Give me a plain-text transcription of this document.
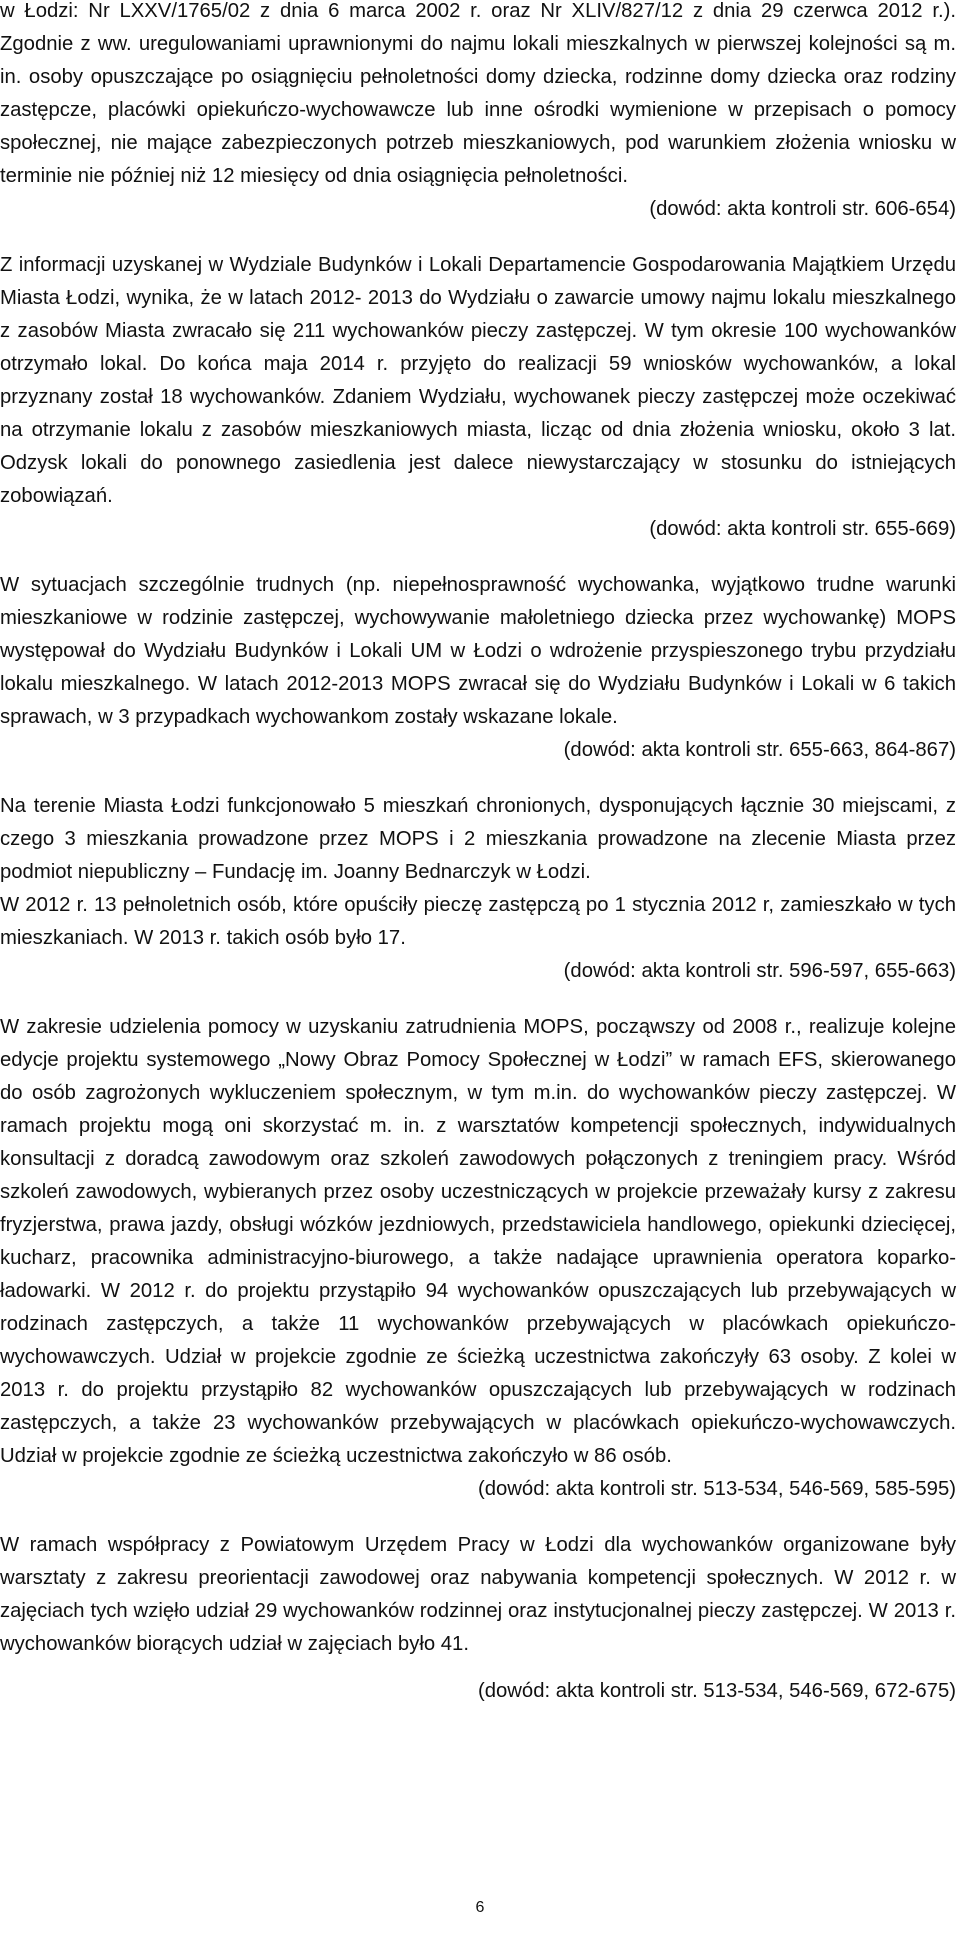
w Łodzi: Nr LXXV/1765/02 z dnia 6 marca 2002 r. oraz Nr XLIV/827/12 z dnia 29 czerwca 2012 r.). Zgodnie z ww. uregulowaniami uprawnionymi do najmu lokali mieszkalnych w pierwszej kolejności są m. in. osoby opuszczające po osiągnięciu pełnoletności domy dziecka, rodzinne domy dziecka oraz rodziny zastępcze, placówki opiekuńczo-wychowawcze lub inne ośrodki wymienione w przepisach o pomocy społecznej, nie mające zabezpieczonych potrzeb mieszkaniowych, pod warunkiem złożenia wniosku w terminie nie później niż 12 miesięcy od dnia osiągnięcia pełnoletności.

(dowód: akta kontroli str. 606-654)

Z informacji uzyskanej w Wydziale Budynków i Lokali Departamencie Gospodarowania Majątkiem Urzędu Miasta Łodzi, wynika, że w latach 2012- 2013 do Wydziału o zawarcie umowy najmu lokalu mieszkalnego z zasobów Miasta zwracało się 211 wychowanków pieczy zastępczej. W tym okresie 100 wychowanków otrzymało lokal. Do końca maja 2014 r. przyjęto do realizacji 59 wniosków wychowanków, a lokal przyznany został 18 wychowanków. Zdaniem Wydziału, wychowanek pieczy zastępczej może oczekiwać na otrzymanie lokalu z zasobów mieszkaniowych miasta, licząc od dnia złożenia wniosku, około 3 lat. Odzysk lokali do ponownego zasiedlenia jest dalece niewystarczający w stosunku do istniejących zobowiązań.

(dowód: akta kontroli str. 655-669)

W sytuacjach szczególnie trudnych (np. niepełnosprawność wychowanka, wyjątkowo trudne warunki mieszkaniowe w rodzinie zastępczej, wychowywanie małoletniego dziecka przez wychowankę) MOPS występował do Wydziału Budynków i Lokali UM w Łodzi o wdrożenie przyspieszonego trybu przydziału lokalu mieszkalnego. W latach 2012-2013 MOPS zwracał się do Wydziału Budynków i Lokali w 6 takich sprawach, w 3 przypadkach wychowankom zostały wskazane lokale.

(dowód: akta kontroli str. 655-663, 864-867)

Na terenie Miasta Łodzi funkcjonowało 5 mieszkań chronionych, dysponujących łącznie 30 miejscami, z czego 3 mieszkania prowadzone przez MOPS i 2 mieszkania prowadzone na zlecenie Miasta przez podmiot niepubliczny – Fundację im. Joanny Bednarczyk w Łodzi.

W 2012 r. 13 pełnoletnich osób, które opuściły pieczę zastępczą po 1 stycznia 2012 r, zamieszkało w tych mieszkaniach. W 2013 r. takich osób było 17.

(dowód: akta kontroli str. 596-597, 655-663)

W zakresie udzielenia pomocy w uzyskaniu zatrudnienia MOPS, począwszy od 2008 r., realizuje kolejne edycje projektu systemowego „Nowy Obraz Pomocy Społecznej w Łodzi” w ramach EFS, skierowanego do osób zagrożonych wykluczeniem społecznym, w tym m.in. do wychowanków pieczy zastępczej. W ramach projektu mogą oni skorzystać m. in. z warsztatów kompetencji społecznych, indywidualnych konsultacji z doradcą zawodowym oraz szkoleń zawodowych połączonych z treningiem pracy. Wśród szkoleń zawodowych, wybieranych przez osoby uczestniczących w projekcie przeważały kursy z zakresu fryzjerstwa, prawa jazdy, obsługi wózków jezdniowych, przedstawiciela handlowego, opiekunki dziecięcej, kucharz, pracownika administracyjno-biurowego, a także nadające uprawnienia operatora koparko-ładowarki. W 2012 r. do projektu przystąpiło 94 wychowanków opuszczających lub przebywających w rodzinach zastępczych, a także 11 wychowanków przebywających w placówkach opiekuńczo-wychowawczych. Udział w projekcie zgodnie ze ścieżką uczestnictwa zakończyły 63 osoby. Z kolei w 2013 r. do projektu przystąpiło 82 wychowanków opuszczających lub przebywających w rodzinach zastępczych, a także 23 wychowanków przebywających w placówkach opiekuńczo-wychowawczych. Udział w projekcie zgodnie ze ścieżką uczestnictwa zakończyło w 86 osób.

(dowód: akta kontroli str. 513-534, 546-569, 585-595)

W ramach współpracy z Powiatowym Urzędem Pracy w Łodzi dla wychowanków organizowane były warsztaty z zakresu preorientacji zawodowej oraz nabywania kompetencji społecznych. W 2012 r. w zajęciach tych wzięło udział 29 wychowanków rodzinnej oraz instytucjonalnej pieczy zastępczej. W 2013 r. wychowanków biorących udział w zajęciach było 41.

(dowód: akta kontroli str. 513-534, 546-569, 672-675)

6
